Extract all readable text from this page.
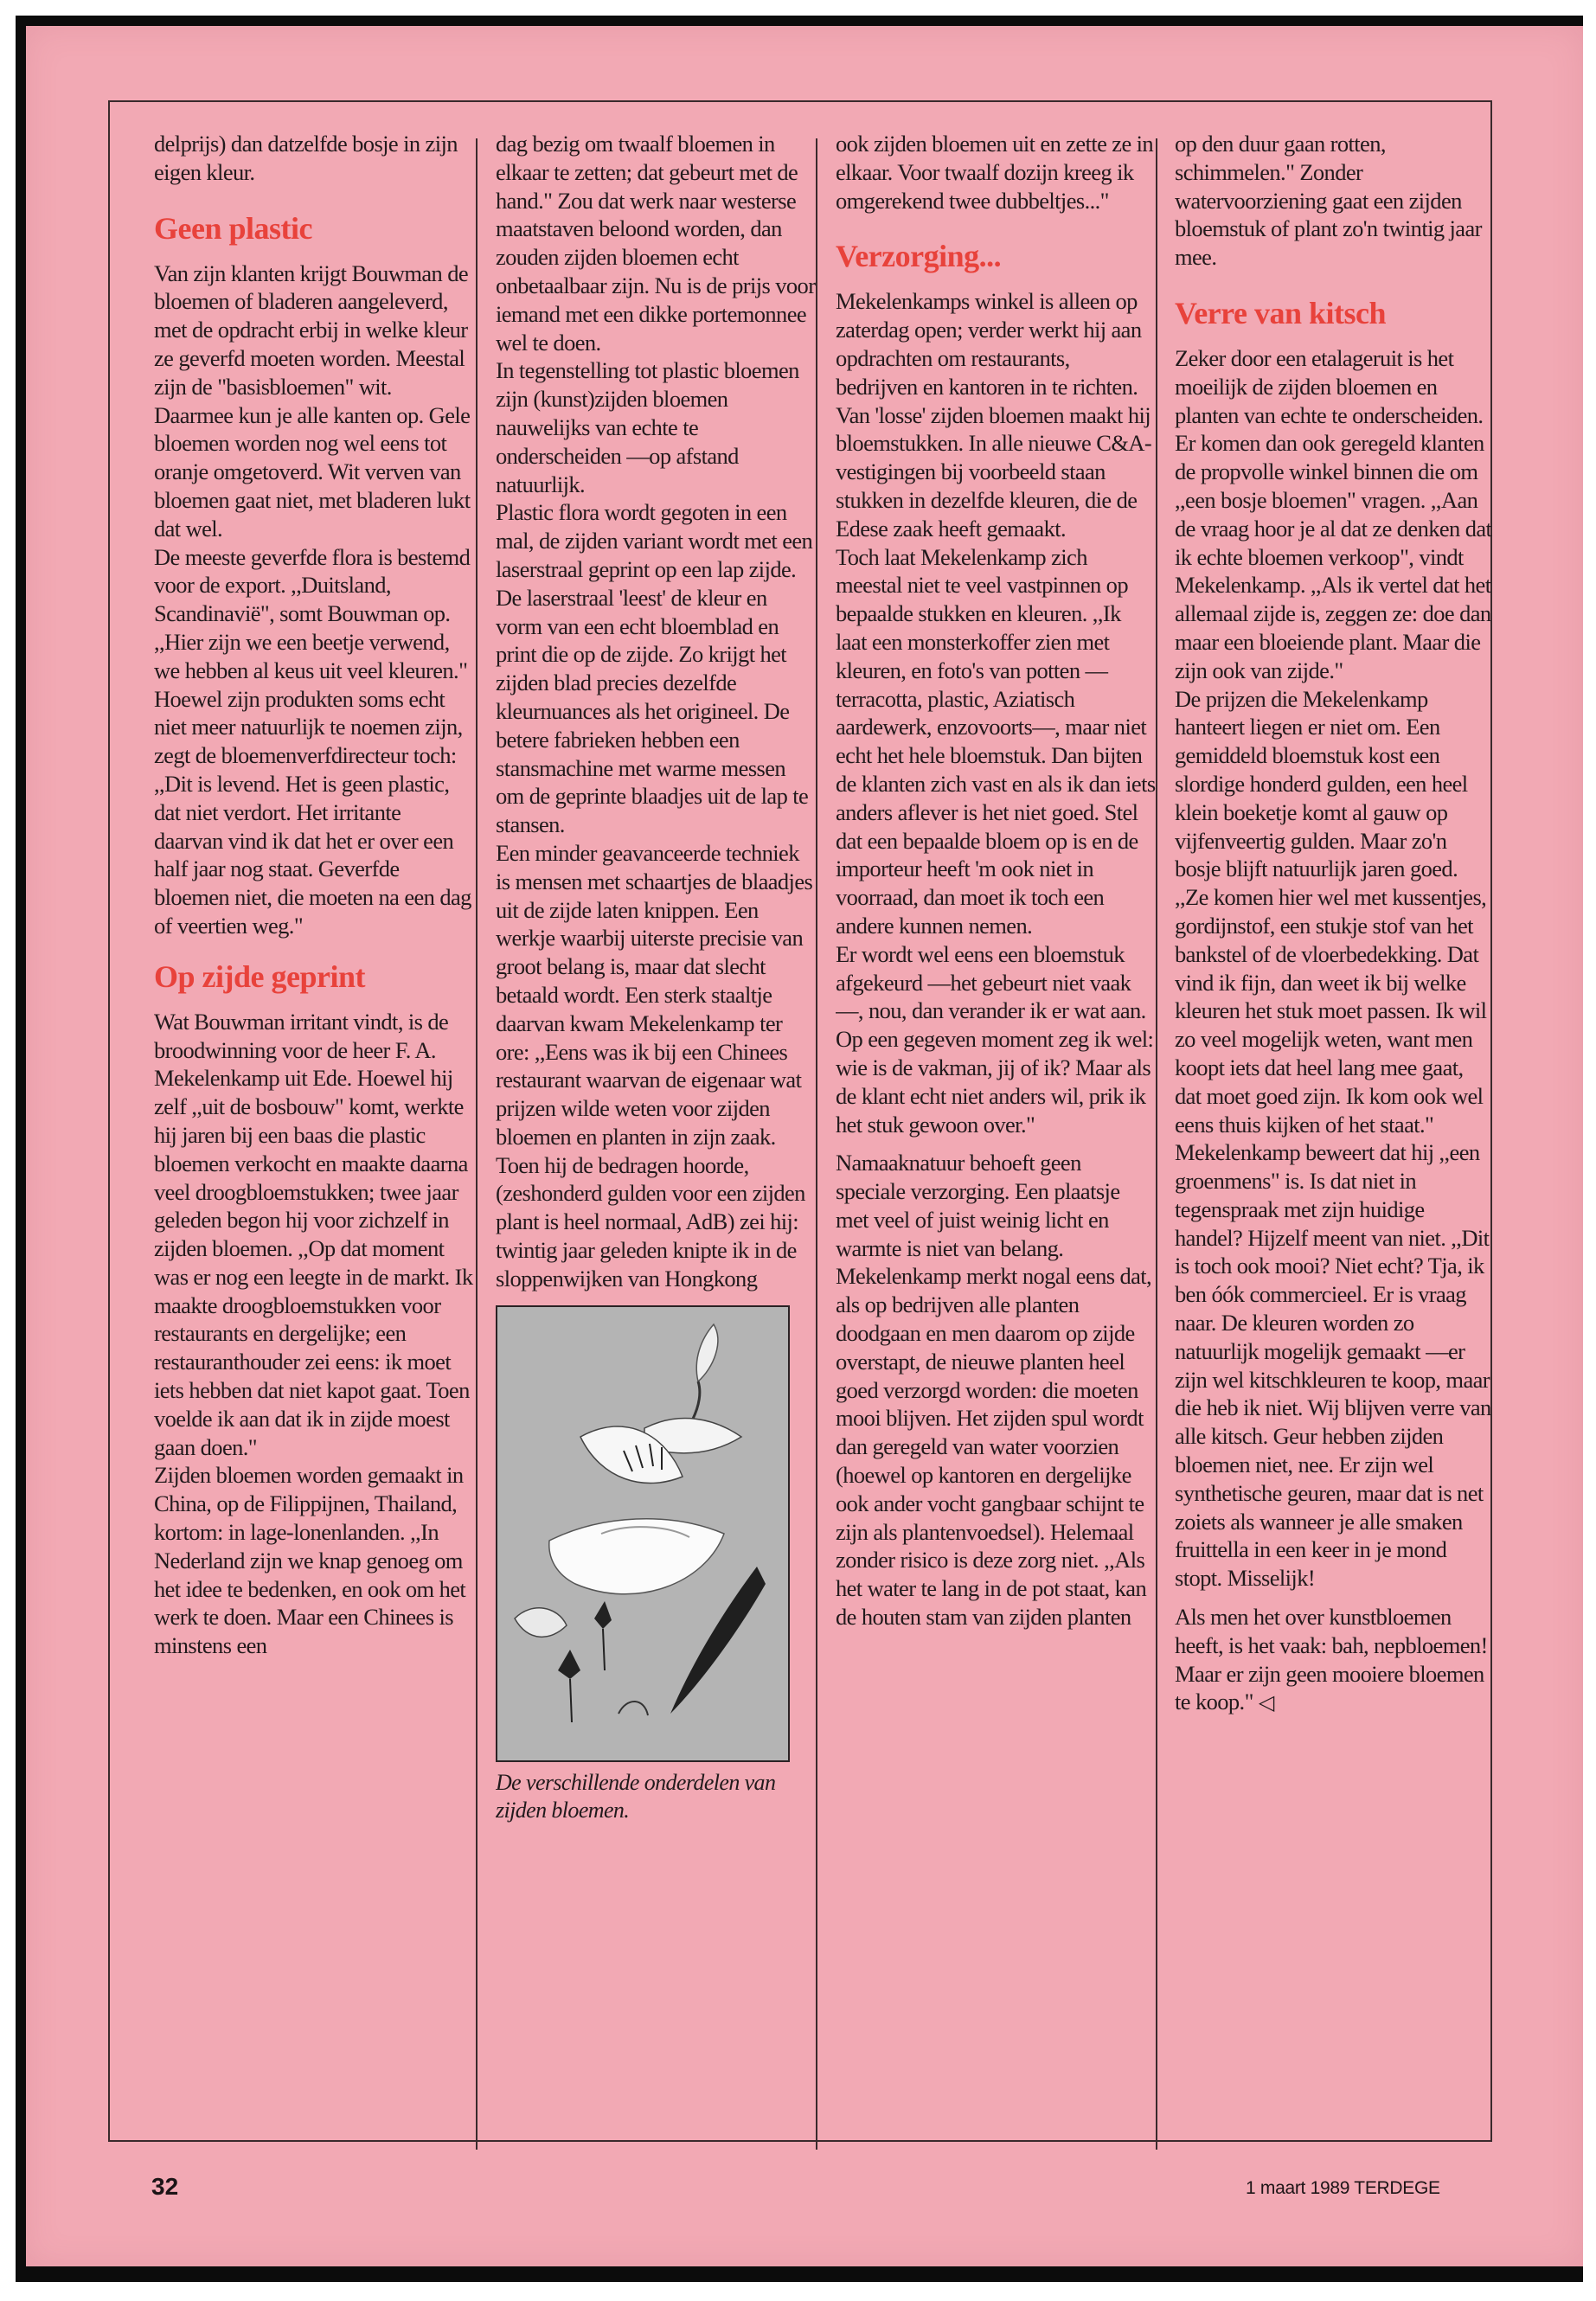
delprijs) dan datzelfde bosje in zijn eigen kleur.

Geen plastic

Van zijn klanten krijgt Bouwman de bloemen of bladeren aangeleverd, met de opdracht erbij in welke kleur ze geverfd moeten worden. Meestal zijn de "basisbloemen" wit. Daarmee kun je alle kanten op. Gele bloemen worden nog wel eens tot oranje omgetoverd. Wit verven van bloemen gaat niet, met bladeren lukt dat wel.

De meeste geverfde flora is bestemd voor de export. ,,Duitsland, Scandinavië", somt Bouwman op. ,,Hier zijn we een beetje verwend, we hebben al keus uit veel kleuren."

Hoewel zijn produkten soms echt niet meer natuurlijk te noemen zijn, zegt de bloemenverfdirecteur toch: ,,Dit is levend. Het is geen plastic, dat niet verdort. Het irritante daarvan vind ik dat het er over een half jaar nog staat. Geverfde bloemen niet, die moeten na een dag of veertien weg."

Op zijde geprint

Wat Bouwman irritant vindt, is de broodwinning voor de heer F. A. Mekelenkamp uit Ede. Hoewel hij zelf ,,uit de bosbouw" komt, werkte hij jaren bij een baas die plastic bloemen verkocht en maakte daarna veel droogbloemstukken; twee jaar geleden begon hij voor zichzelf in zijden bloemen. ,,Op dat moment was er nog een leegte in de markt. Ik maakte droogbloemstukken voor restaurants en dergelijke; een restauranthouder zei eens: ik moet iets hebben dat niet kapot gaat. Toen voelde ik aan dat ik in zijde moest gaan doen."

Zijden bloemen worden gemaakt in China, op de Filippijnen, Thailand, kortom: in lage-lonenlanden. ,,In Nederland zijn we knap genoeg om het idee te bedenken, en ook om het werk te doen. Maar een Chinees is minstens een

dag bezig om twaalf bloemen in elkaar te zetten; dat gebeurt met de hand." Zou dat werk naar westerse maatstaven beloond worden, dan zouden zijden bloemen echt onbetaalbaar zijn. Nu is de prijs voor iemand met een dikke portemonnee wel te doen.

In tegenstelling tot plastic bloemen zijn (kunst)zijden bloemen nauwelijks van echte te onderscheiden —op afstand natuurlijk.

Plastic flora wordt gegoten in een mal, de zijden variant wordt met een laserstraal geprint op een lap zijde. De laserstraal 'leest' de kleur en vorm van een echt bloemblad en print die op de zijde. Zo krijgt het zijden blad precies dezelfde kleurnuances als het origineel. De betere fabrieken hebben een stansmachine met warme messen om de geprinte blaadjes uit de lap te stansen.

Een minder geavanceerde techniek is mensen met schaartjes de blaadjes uit de zijde laten knippen. Een werkje waarbij uiterste precisie van groot belang is, maar dat slecht betaald wordt. Een sterk staaltje daarvan kwam Mekelenkamp ter ore: ,,Eens was ik bij een Chinees restaurant waarvan de eigenaar wat prijzen wilde weten voor zijden bloemen en planten in zijn zaak. Toen hij de bedragen hoorde, (zeshonderd gulden voor een zijden plant is heel normaal, AdB) zei hij: twintig jaar geleden knipte ik in de sloppenwijken van Hongkong

De verschillende onderdelen van zijden bloemen.

ook zijden bloemen uit en zette ze in elkaar. Voor twaalf dozijn kreeg ik omgerekend twee dubbeltjes..."

Verzorging...

Mekelenkamps winkel is alleen op zaterdag open; verder werkt hij aan opdrachten om restaurants, bedrijven en kantoren in te richten. Van 'losse' zijden bloemen maakt hij bloemstukken. In alle nieuwe C&A-vestigingen bij voorbeeld staan stukken in dezelfde kleuren, die de Edese zaak heeft gemaakt.

Toch laat Mekelenkamp zich meestal niet te veel vastpinnen op bepaalde stukken en kleuren. ,,Ik laat een monsterkoffer zien met kleuren, en foto's van potten —terracotta, plastic, Aziatisch aardewerk, enzovoorts—, maar niet echt het hele bloemstuk. Dan bijten de klanten zich vast en als ik dan iets anders aflever is het niet goed. Stel dat een bepaalde bloem op is en de importeur heeft 'm ook niet in voorraad, dan moet ik toch een andere kunnen nemen.

Er wordt wel eens een bloemstuk afgekeurd —het gebeurt niet vaak—, nou, dan verander ik er wat aan. Op een gegeven moment zeg ik wel: wie is de vakman, jij of ik? Maar als de klant echt niet anders wil, prik ik het stuk gewoon over."

Namaaknatuur behoeft geen speciale verzorging. Een plaatsje met veel of juist weinig licht en warmte is niet van belang. Mekelenkamp merkt nogal eens dat, als op bedrijven alle planten doodgaan en men daarom op zijde overstapt, de nieuwe planten heel goed verzorgd worden: die moeten mooi blijven. Het zijden spul wordt dan geregeld van water voorzien (hoewel op kantoren en dergelijke ook ander vocht gangbaar schijnt te zijn als plantenvoedsel). Helemaal zonder risico is deze zorg niet. ,,Als het water te lang in de pot staat, kan de houten stam van zijden planten

op den duur gaan rotten, schimmelen." Zonder watervoorziening gaat een zijden bloemstuk of plant zo'n twintig jaar mee.

Verre van kitsch

Zeker door een etalageruit is het moeilijk de zijden bloemen en planten van echte te onderscheiden. Er komen dan ook geregeld klanten de propvolle winkel binnen die om ,,een bosje bloemen" vragen. ,,Aan de vraag hoor je al dat ze denken dat ik echte bloemen verkoop", vindt Mekelenkamp. ,,Als ik vertel dat het allemaal zijde is, zeggen ze: doe dan maar een bloeiende plant. Maar die zijn ook van zijde."

De prijzen die Mekelenkamp hanteert liegen er niet om. Een gemiddeld bloemstuk kost een slordige honderd gulden, een heel klein boeketje komt al gauw op vijfenveertig gulden. Maar zo'n bosje blijft natuurlijk jaren goed. ,,Ze komen hier wel met kussentjes, gordijnstof, een stukje stof van het bankstel of de vloerbedekking. Dat vind ik fijn, dan weet ik bij welke kleuren het stuk moet passen. Ik wil zo veel mogelijk weten, want men koopt iets dat heel lang mee gaat, dat moet goed zijn. Ik kom ook wel eens thuis kijken of het staat."

Mekelenkamp beweert dat hij ,,een groenmens" is. Is dat niet in tegenspraak met zijn huidige handel? Hijzelf meent van niet. ,,Dit is toch ook mooi? Niet echt? Tja, ik ben óók commercieel. Er is vraag naar. De kleuren worden zo natuurlijk mogelijk gemaakt —er zijn wel kitschkleuren te koop, maar die heb ik niet. Wij blijven verre van alle kitsch. Geur hebben zijden bloemen niet, nee. Er zijn wel synthetische geuren, maar dat is net zoiets als wanneer je alle smaken fruittella in een keer in je mond stopt. Misselijk!

Als men het over kunstbloemen heeft, is het vaak: bah, nepbloemen! Maar er zijn geen mooiere bloemen te koop." ◁

32	1 maart 1989 TERDEGE
